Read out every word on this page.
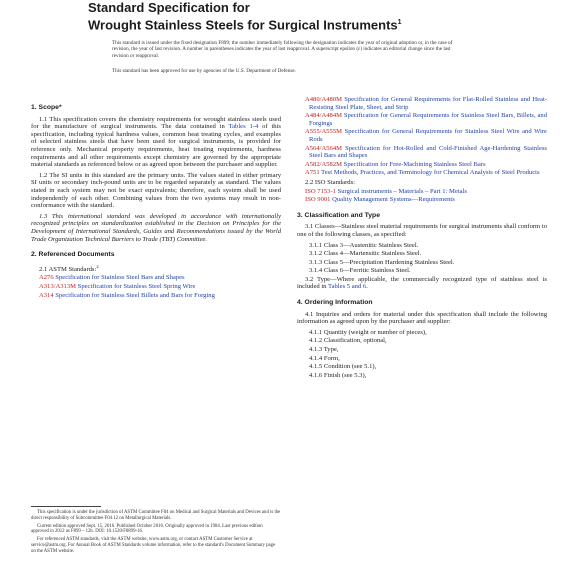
Standard Specification for
Wrought Stainless Steels for Surgical Instruments$^1$
This standard is issued under the fixed designation F899; the number immediately following the designation indicates the year of original adoption or, in the case of revision, the year of last revision. A number in parentheses indicates the year of last reapproval. A superscript epsilon (ε) indicates an editorial change since the last revision or reapproval.
This standard has been approved for use by agencies of the U.S. Department of Defense.
1. Scope*

1.1 This specification covers the chemistry requirements for wrought stainless steels used for the manufacture of surgical instruments. The data contained in Tables 1-4 of this specification, including typical hardness values, common heat treating cycles, and examples of selected stainless steels that have been used for surgical instruments, is provided for reference only. Mechanical property requirements, heat treating requirements, hardness requirements and all other requirements except chemistry are governed by the appropriate material standards as referenced below or as agreed upon between the purchaser and supplier.

1.2 The SI units in this standard are the primary units. The values stated in either primary SI units or secondary inch-pound units are to be regarded separately as standard. The values stated in each system may not be exact equivalents; therefore, each system shall be used independently of each other. Combining values from the two systems may result in non-conformance with the standard.

1.3 This international standard was developed in accordance with internationally recognized principles on standardization established in the Decision on Principles for the Development of International Standards, Guides and Recommendations issued by the World Trade Organization Technical Barriers to Trade (TBT) Committee.

2. Referenced Documents

2.1 ASTM Standards:$^2$

A276 Specification for Stainless Steel Bars and Shapes
A313/A313M Specification for Stainless Steel Spring Wire
A314 Specification for Stainless Steel Billets and Bars for Forging

This specification is under the jurisdiction of ASTM Committee F04 on Medical and Surgical Materials and Devices and is the direct responsibility of Subcommittee F04.12 on Metallurgical Materials.

Current edition approved Sept. 15, 2016. Published October 2016. Originally approved in 1984. Last previous edition approved in 2012 as F899 – 12b. DOI: 10.1520/F0899-16.

For referenced ASTM standards, visit the ASTM website, www.astm.org, or contact ASTM Customer Service at service@astm.org. For Annual Book of ASTM Standards volume information, refer to the standard's Document Summary page on the ASTM website.

A480/A480M Specification for General Requirements for Flat-Rolled Stainless and Heat-Resisting Steel Plate, Sheet, and Strip
A484/A484M Specification for General Requirements for Stainless Steel Bars, Billets, and Forgings
A555/A555M Specification for General Requirements for Stainless Steel Wire and Wire Rods
A564/A564M Specification for Hot-Rolled and Cold-Finished Age-Hardening Stainless Steel Bars and Shapes
A582/A582M Specification for Free-Machining Stainless Steel Bars
A751 Test Methods, Practices, and Terminology for Chemical Analysis of Steel Products

2.2 ISO Standards:

ISO 7153-1 Surgical instruments – Materials – Part 1: Metals
ISO 9001 Quality Management Systems—Requirements
3. Classification and Type

3.1 Classes—Stainless steel material requirements for surgical instruments shall conform to one of the following classes, as specified:

3.1.1 Class 3—Austenitic Stainless Steel.

3.1.2 Class 4—Martensitic Stainless Steel.

3.1.3 Class 5—Precipitation Hardening Stainless Steel.

3.1.4 Class 6—Ferritic Stainless Steel.

3.2 Type—Where applicable, the commercially recognized type of stainless steel is included in Tables 5 and 6.

4. Ordering Information

4.1 Inquiries and orders for material under this specification shall include the following information as agreed upon by the purchaser and supplier:

4.1.1 Quantity (weight or number of pieces),

4.1.2 Classification, optional,

4.1.3 Type,

4.1.4 Form,

4.1.5 Condition (see 5.1),

4.1.6 Finish (see 5.3),
